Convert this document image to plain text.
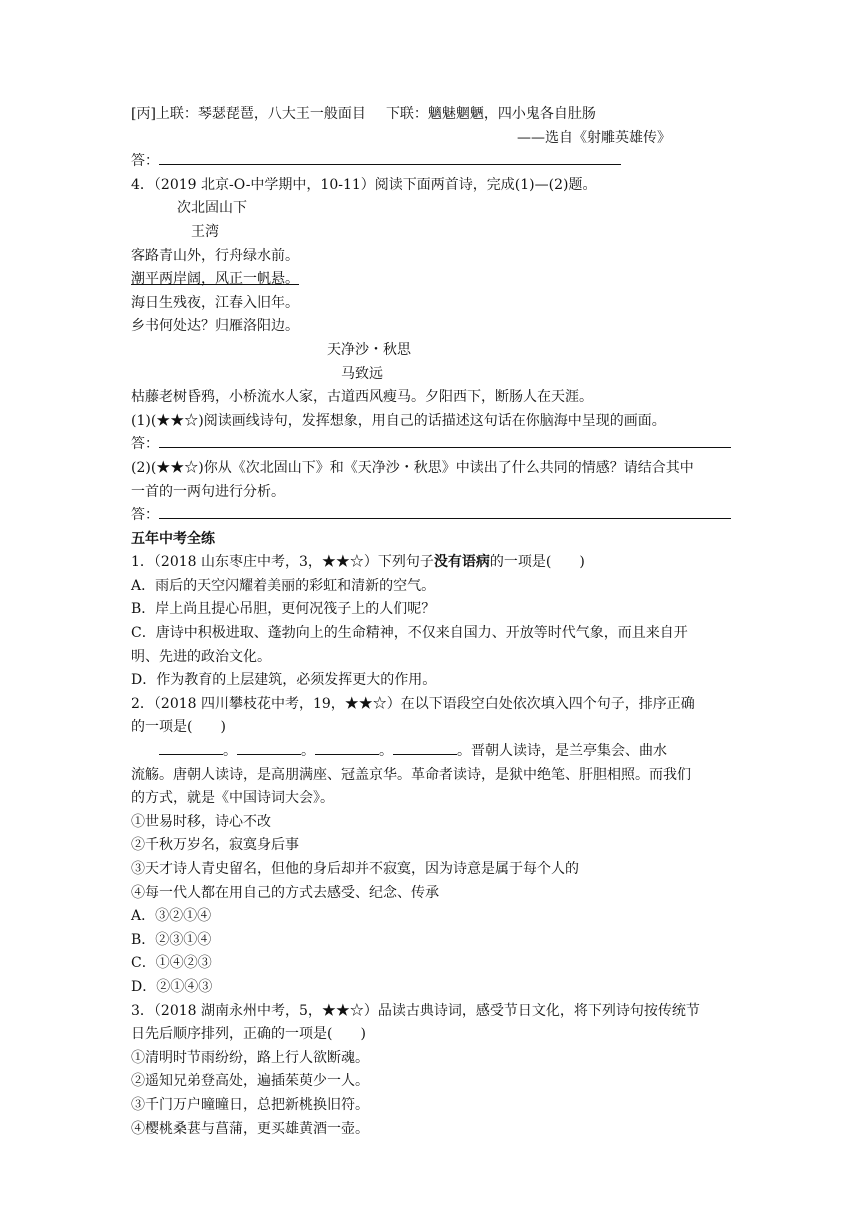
[丙]上联：琴瑟琵琶，八大王一般面目 下联：魑魅魍魉，四小鬼各自肚肠
——选自《射雕英雄传》
答：
4．（2019 北京-O-中学期中，10-11）阅读下面两首诗，完成(1)—(2)题。
次北固山下
王湾
客路青山外，行舟绿水前。
潮平两岸阔，风正一帆悬。
海日生残夜，江春入旧年。
乡书何处达？归雁洛阳边。
天净沙・秋思
马致远
枯藤老树昏鸦，小桥流水人家，古道西风瘦马。夕阳西下，断肠人在天涯。
(1)(★★☆)阅读画线诗句，发挥想象，用自己的话描述这句话在你脑海中呈现的画面。
答：
(2)(★★☆)你从《次北固山下》和《天净沙・秋思》中读出了什么共同的情感？请结合其中
一首的一两句进行分析。
答：
五年中考全练
1．（2018 山东枣庄中考，3，★★☆）下列句子没有语病的一项是(　　)
A．雨后的天空闪耀着美丽的彩虹和清新的空气。
B．岸上尚且提心吊胆，更何况筏子上的人们呢？
C．唐诗中积极进取、蓬勃向上的生命精神，不仅来自国力、开放等时代气象，而且来自开
明、先进的政治文化。
D．作为教育的上层建筑，必须发挥更大的作用。
2．（2018 四川攀枝花中考，19，★★☆）在以下语段空白处依次填入四个句子，排序正确
的一项是(　　)
。	。	。	。晋朝人读诗，是兰亭集会、曲水
流觞。唐朝人读诗，是高朋满座、冠盖京华。革命者读诗，是狱中绝笔、肝胆相照。而我们
的方式，就是《中国诗词大会》。
①世易时移，诗心不改
②千秋万岁名，寂寞身后事
③天才诗人青史留名，但他的身后却并不寂寞，因为诗意是属于每个人的
④每一代人都在用自己的方式去感受、纪念、传承
A．③②①④
B．②③①④
C．①④②③
D．②①④③
3．（2018 湖南永州中考，5，★★☆）品读古典诗词，感受节日文化，将下列诗句按传统节
日先后顺序排列，正确的一项是(　　)
①清明时节雨纷纷，路上行人欲断魂。
②遥知兄弟登高处，遍插茱萸少一人。
③千门万户曈曈日，总把新桃换旧符。
④樱桃桑葚与菖蒲，更买雄黄酒一壶。
